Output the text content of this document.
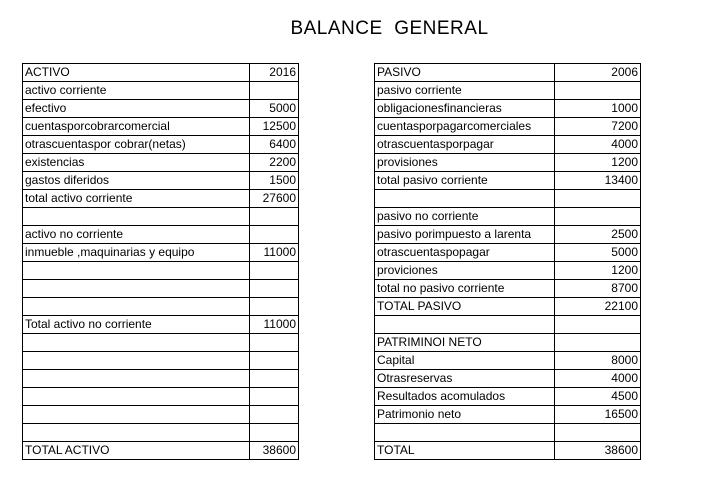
BALANCE  GENERAL
ACTIVO	2016
activo corriente	
efectivo	5000
cuentasporcobrarcomercial	12500
otrascuentaspor cobrar(netas)	6400
existencias	2200
gastos diferidos	1500
total activo corriente	27600

activo no corriente	
inmueble ,maquinarias y equipo	11000

Total activo no corriente	11000

TOTAL ACTIVO	38600
PASIVO	2006
pasivo corriente	
obligacionesfinancieras	1000
cuentasporpagarcomerciales	7200
otrascuentasporpagar	4000
provisiones	1200
total pasivo corriente	13400

pasivo no corriente	
pasivo porimpuesto a larenta	2500
otrascuentaspopagar	5000
proviciones	1200
total no pasivo corriente	8700
TOTAL PASIVO	22100

PATRIMINOI NETO	
Capital	8000
Otrasreservas	4000
Resultados acomulados	4500
Patrimonio neto	16500

TOTAL	38600
